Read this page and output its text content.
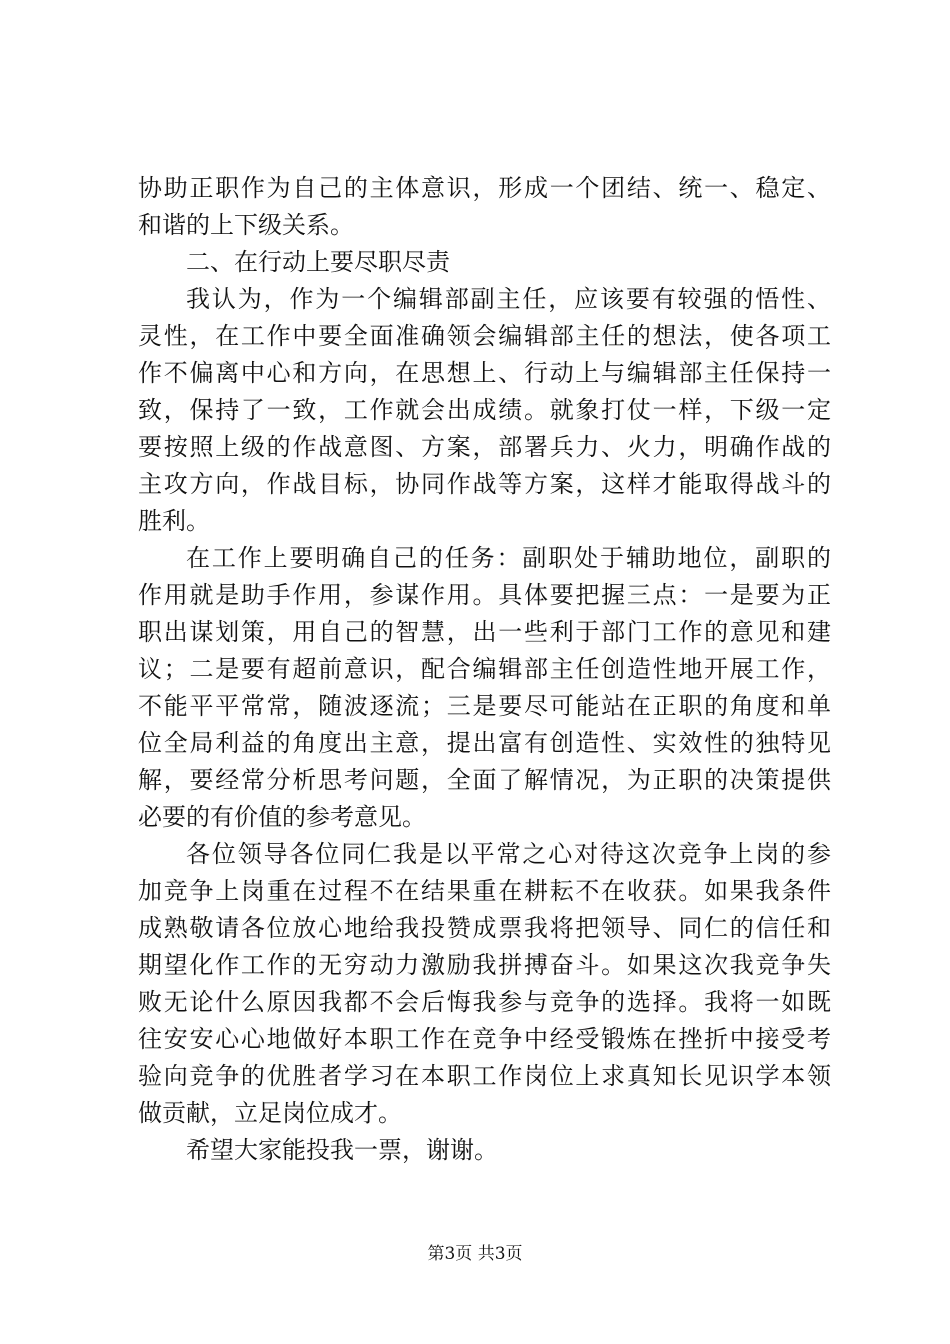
协助正职作为自己的主体意识，形成一个团结、统一、稳定、
和谐的上下级关系。
二、在行动上要尽职尽责
我认为，作为一个编辑部副主任，应该要有较强的悟性、
灵性，在工作中要全面准确领会编辑部主任的想法，使各项工
作不偏离中心和方向，在思想上、行动上与编辑部主任保持一
致，保持了一致，工作就会出成绩。就象打仗一样，下级一定
要按照上级的作战意图、方案，部署兵力、火力，明确作战的
主攻方向，作战目标，协同作战等方案，这样才能取得战斗的
胜利。
在工作上要明确自己的任务：副职处于辅助地位，副职的
作用就是助手作用，参谋作用。具体要把握三点：一是要为正
职出谋划策，用自己的智慧，出一些利于部门工作的意见和建
议；二是要有超前意识，配合编辑部主任创造性地开展工作，
不能平平常常，随波逐流；三是要尽可能站在正职的角度和单
位全局利益的角度出主意，提出富有创造性、实效性的独特见
解，要经常分析思考问题，全面了解情况，为正职的决策提供
必要的有价值的参考意见。
各位领导各位同仁我是以平常之心对待这次竞争上岗的参
加竞争上岗重在过程不在结果重在耕耘不在收获。如果我条件
成熟敬请各位放心地给我投赞成票我将把领导、同仁的信任和
期望化作工作的无穷动力激励我拼搏奋斗。如果这次我竞争失
败无论什么原因我都不会后悔我参与竞争的选择。我将一如既
往安安心心地做好本职工作在竞争中经受锻炼在挫折中接受考
验向竞争的优胜者学习在本职工作岗位上求真知长见识学本领
做贡献，立足岗位成才。
希望大家能投我一票，谢谢。
第3页 共3页
